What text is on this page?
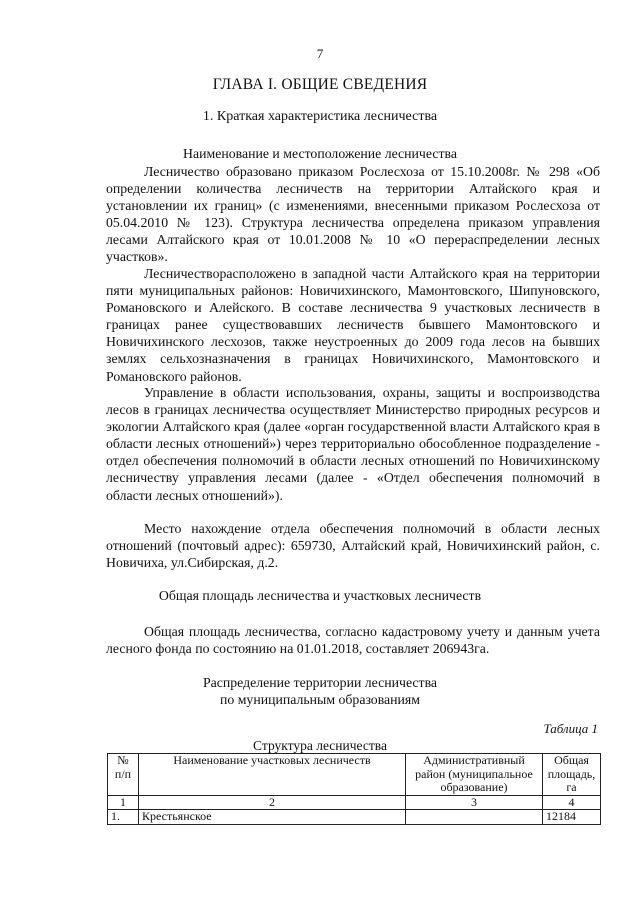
7
ГЛАВА I. ОБЩИЕ СВЕДЕНИЯ
1. Краткая характеристика лесничества
Наименование и местоположение лесничества

Лесничество образовано приказом Рослесхоза от 15.10.2008г. № 298 «Об определении количества лесничеств на территории Алтайского края и установлении их границ» (с изменениями, внесенными приказом Рослесхоза от 05.04.2010 № 123). Структура лесничества определена приказом управления лесами Алтайского края от 10.01.2008 № 10 «О перераспределении лесных участков».

Лесничестворасположено в западной части Алтайского края на территории пяти муниципальных районов: Новичихинского, Мамонтовского, Шипуновского, Романовского и Алейского. В составе лесничества 9 участковых лесничеств в границах ранее существовавших лесничеств бывшего Мамонтовского и Новичихинского лесхозов, также неустроенных до 2009 года лесов на бывших землях сельхозназначения в границах Новичихинского, Мамонтовского и Романовского районов.

Управление в области использования, охраны, защиты и воспроизводства лесов в границах лесничества осуществляет Министерство природных ресурсов и экологии Алтайского края (далее «орган государственной власти Алтайского края в области лесных отношений») через территориально обособленное подразделение - отдел обеспечения полномочий в области лесных отношений по Новичихинскому лесничеству управления лесами (далее - «Отдел обеспечения полномочий в области лесных отношений»).

Место нахождение отдела обеспечения полномочий в области лесных отношений (почтовый адрес): 659730, Алтайский край, Новичихинский район, с. Новичиха, ул.Сибирская, д.2.

Общая площадь лесничества и участковых лесничеств

Общая площадь лесничества, согласно кадастровому учету и данным учета лесного фонда по состоянию на 01.01.2018, составляет 206943га.

Распределение территории лесничества
по муниципальным образованиям
Таблица 1
Структура лесничества
№ п/п	Наименование участковых лесничеств	Административный район (муниципальное образование)	Общая площадь, га
1	2	3	4
1.	Крестьянское		12184
